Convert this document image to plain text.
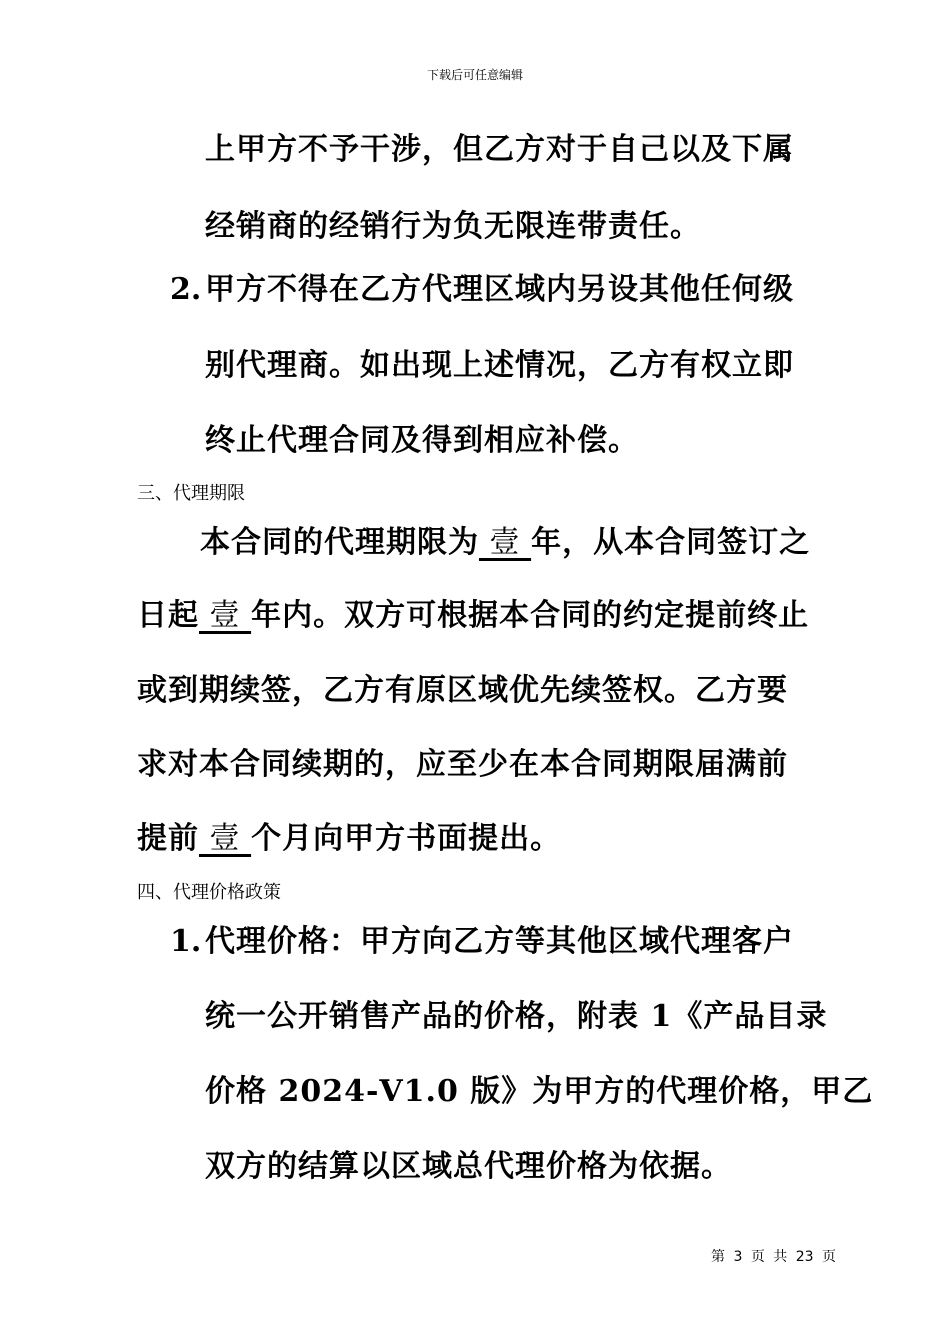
下载后可任意编辑
上甲方不予干涉，但乙方对于自己以及下属
经销商的经销行为负无限连带责任。
2. 甲方不得在乙方代理区域内另设其他任何级
别代理商。如出现上述情况，乙方有权立即
终止代理合同及得到相应补偿。
三、代理期限
本合同的代理期限为 壹 年，从本合同签订之
日起 壹 年内。双方可根据本合同的约定提前终止
或到期续签，乙方有原区域优先续签权。乙方要
求对本合同续期的，应至少在本合同期限届满前
提前 壹 个月向甲方书面提出。
四、代理价格政策
1. 代理价格：甲方向乙方等其他区域代理客户
统一公开销售产品的价格，附表 1《产品目录
价格 2024-V1.0 版》为甲方的代理价格，甲乙
双方的结算以区域总代理价格为依据。
第 3 页 共 23 页
